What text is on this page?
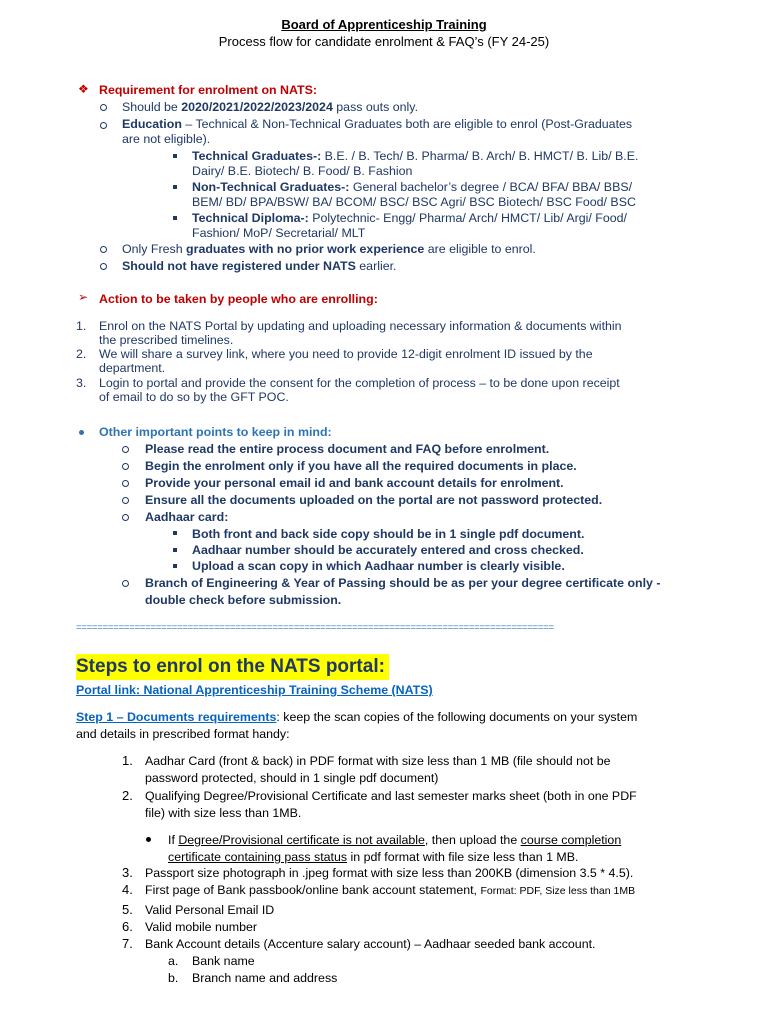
Board of Apprenticeship Training
Process flow for candidate enrolment & FAQ’s (FY 24-25)
❖ Requirement for enrolment on NATS:
Should be 2020/2021/2022/2023/2024 pass outs only.
Education – Technical & Non-Technical Graduates both are eligible to enrol (Post-Graduates
are not eligible).
Technical Graduates-: B.E. / B. Tech/ B. Pharma/ B. Arch/ B. HMCT/ B. Lib/ B.E.
Dairy/ B.E. Biotech/ B. Food/ B. Fashion
Non-Technical Graduates-: General bachelor’s degree / BCA/ BFA/ BBA/ BBS/
BEM/ BD/ BPA/BSW/ BA/ BCOM/ BSC/ BSC Agri/ BSC Biotech/ BSC Food/ BSC
Technical Diploma-: Polytechnic- Engg/ Pharma/ Arch/ HMCT/ Lib/ Argi/ Food/
Fashion/ MoP/ Secretarial/ MLT
Only Fresh graduates with no prior work experience are eligible to enrol.
Should not have registered under NATS earlier.
➢ Action to be taken by people who are enrolling:
1. Enrol on the NATS Portal by updating and uploading necessary information & documents within
the prescribed timelines.
2. We will share a survey link, where you need to provide 12-digit enrolment ID issued by the
department.
3. Login to portal and provide the consent for the completion of process – to be done upon receipt
of email to do so by the GFT POC.
Other important points to keep in mind:
Please read the entire process document and FAQ before enrolment.
Begin the enrolment only if you have all the required documents in place.
Provide your personal email id and bank account details for enrolment.
Ensure all the documents uploaded on the portal are not password protected.
Aadhaar card:
Both front and back side copy should be in 1 single pdf document.
Aadhaar number should be accurately entered and cross checked.
Upload a scan copy in which Aadhaar number is clearly visible.
Branch of Engineering & Year of Passing should be as per your degree certificate only -
double check before submission.
==========================================================================================
Steps to enrol on the NATS portal:
Portal link: National Apprenticeship Training Scheme (NATS)
Step 1 – Documents requirements: keep the scan copies of the following documents on your system
and details in prescribed format handy:
1. Aadhar Card (front & back) in PDF format with size less than 1 MB (file should not be
password protected, should in 1 single pdf document)
2. Qualifying Degree/Provisional Certificate and last semester marks sheet (both in one PDF
file) with size less than 1MB.
If Degree/Provisional certificate is not available, then upload the course completion
certificate containing pass status in pdf format with file size less than 1 MB.
3. Passport size photograph in .jpeg format with size less than 200KB (dimension 3.5 * 4.5).
4. First page of Bank passbook/online bank account statement, Format: PDF, Size less than 1MB
5. Valid Personal Email ID
6. Valid mobile number
7. Bank Account details (Accenture salary account) – Aadhaar seeded bank account.
a. Bank name
b. Branch name and address
